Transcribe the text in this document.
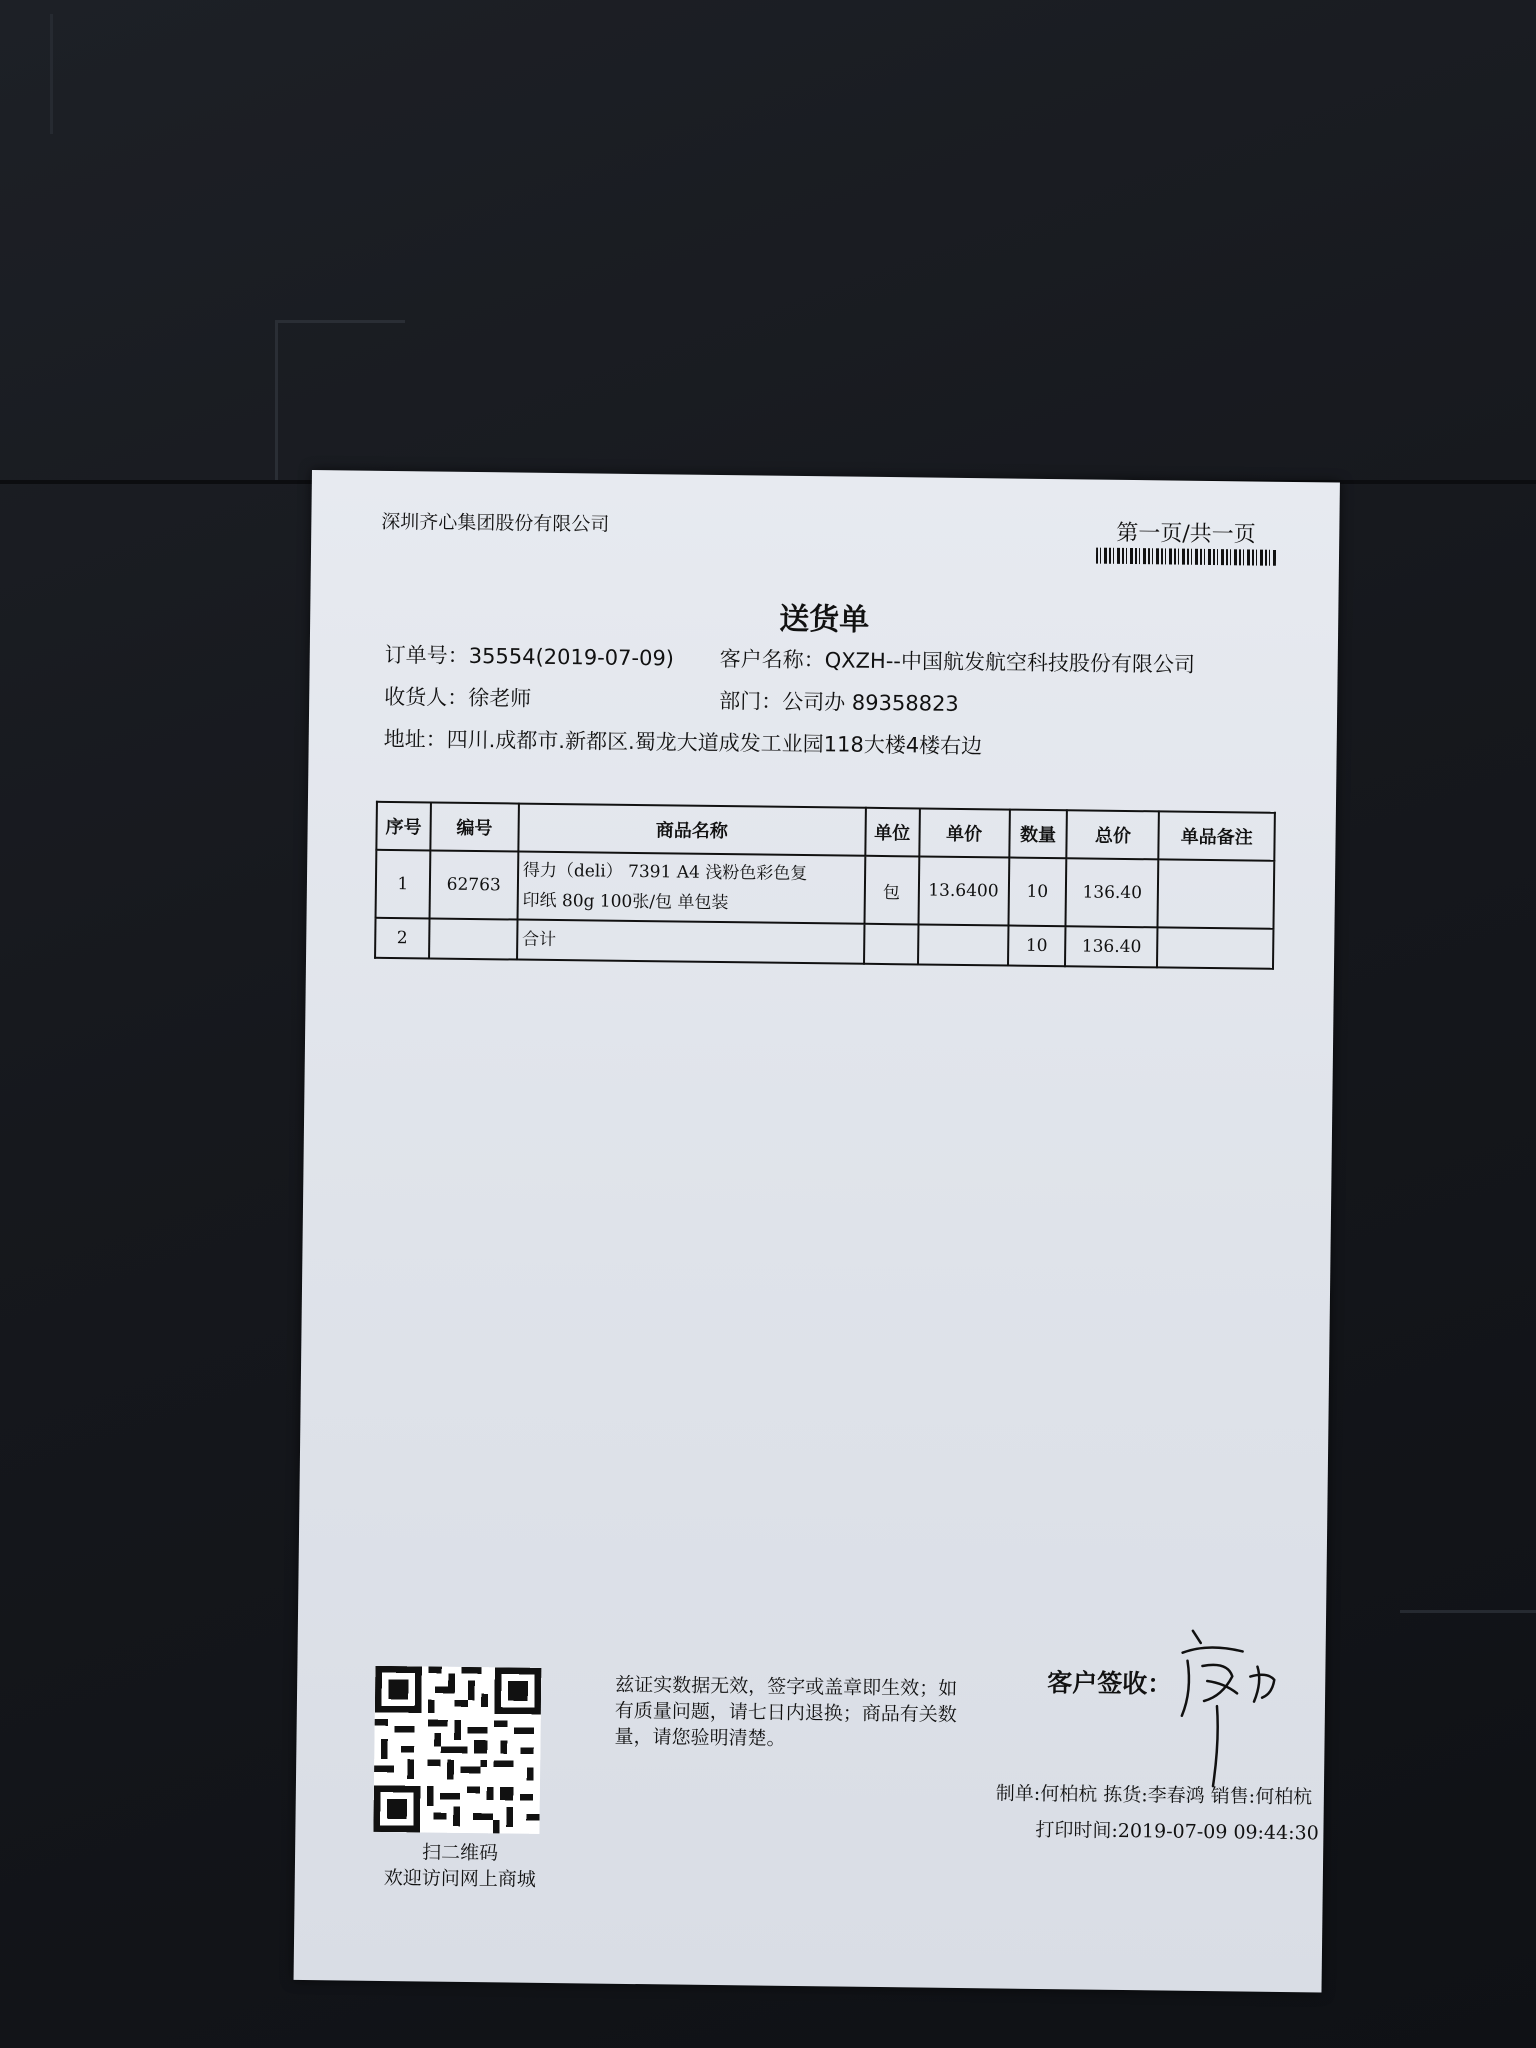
深圳齐心集团股份有限公司	第一页/共一页
送货单
订单号：35554(2019-07-09) 客户名称：QXZH--中国航发航空科技股份有限公司
收货人：徐老师	部门：公司办 89358823
地址：四川.成都市.新都区.蜀龙大道成发工业园118大楼4楼右边
序号	编号	商品名称	单位	单价	数量	总价	单品备注
1	62763	得力（deli） 7391 A4 浅粉色彩色复
印纸 80g 100张/包 单包装	包	13.6400	10	136.40	
2		合计			10	136.40	
扫二维码
欢迎访问网上商城
兹证实数据无效，签字或盖章即生效；如有质量问题，请七日内退换；商品有关数量，请您验明清楚。
客户签收：
制单:何柏杭 拣货:李春鸿 销售:何柏杭
打印时间:2019-07-09 09:44:30
